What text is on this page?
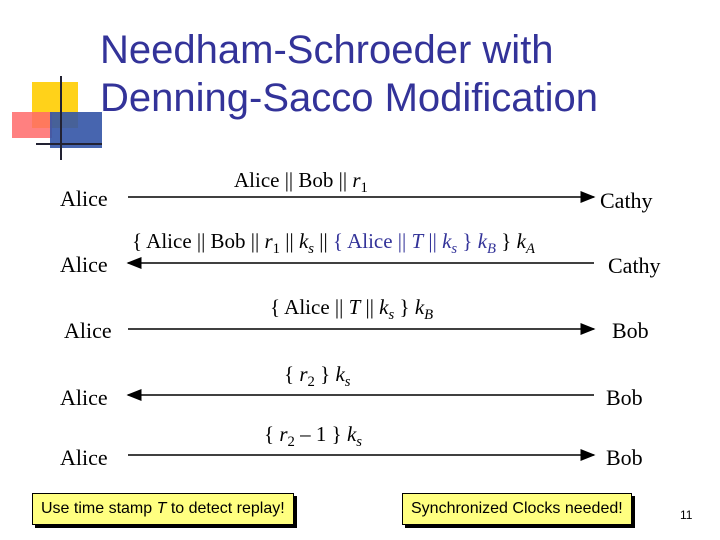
Needham-Schroeder with
Denning-Sacco Modification
Alice	Cathy
Alice || Bob || $r_1$
Alice	Cathy
{ Alice || Bob || $r_1$ || $k_s$ || { Alice || T || $k_s$ } $k_B$ } $k_A$
Alice	Bob
{ Alice || T || $k_s$ } $k_B$
Alice	Bob
{ $r_2$ } $k_s$
Alice	Bob
{ $r_2 - 1$ } $k_s$
Use time stamp T to detect replay!	Synchronized Clocks needed!	11
